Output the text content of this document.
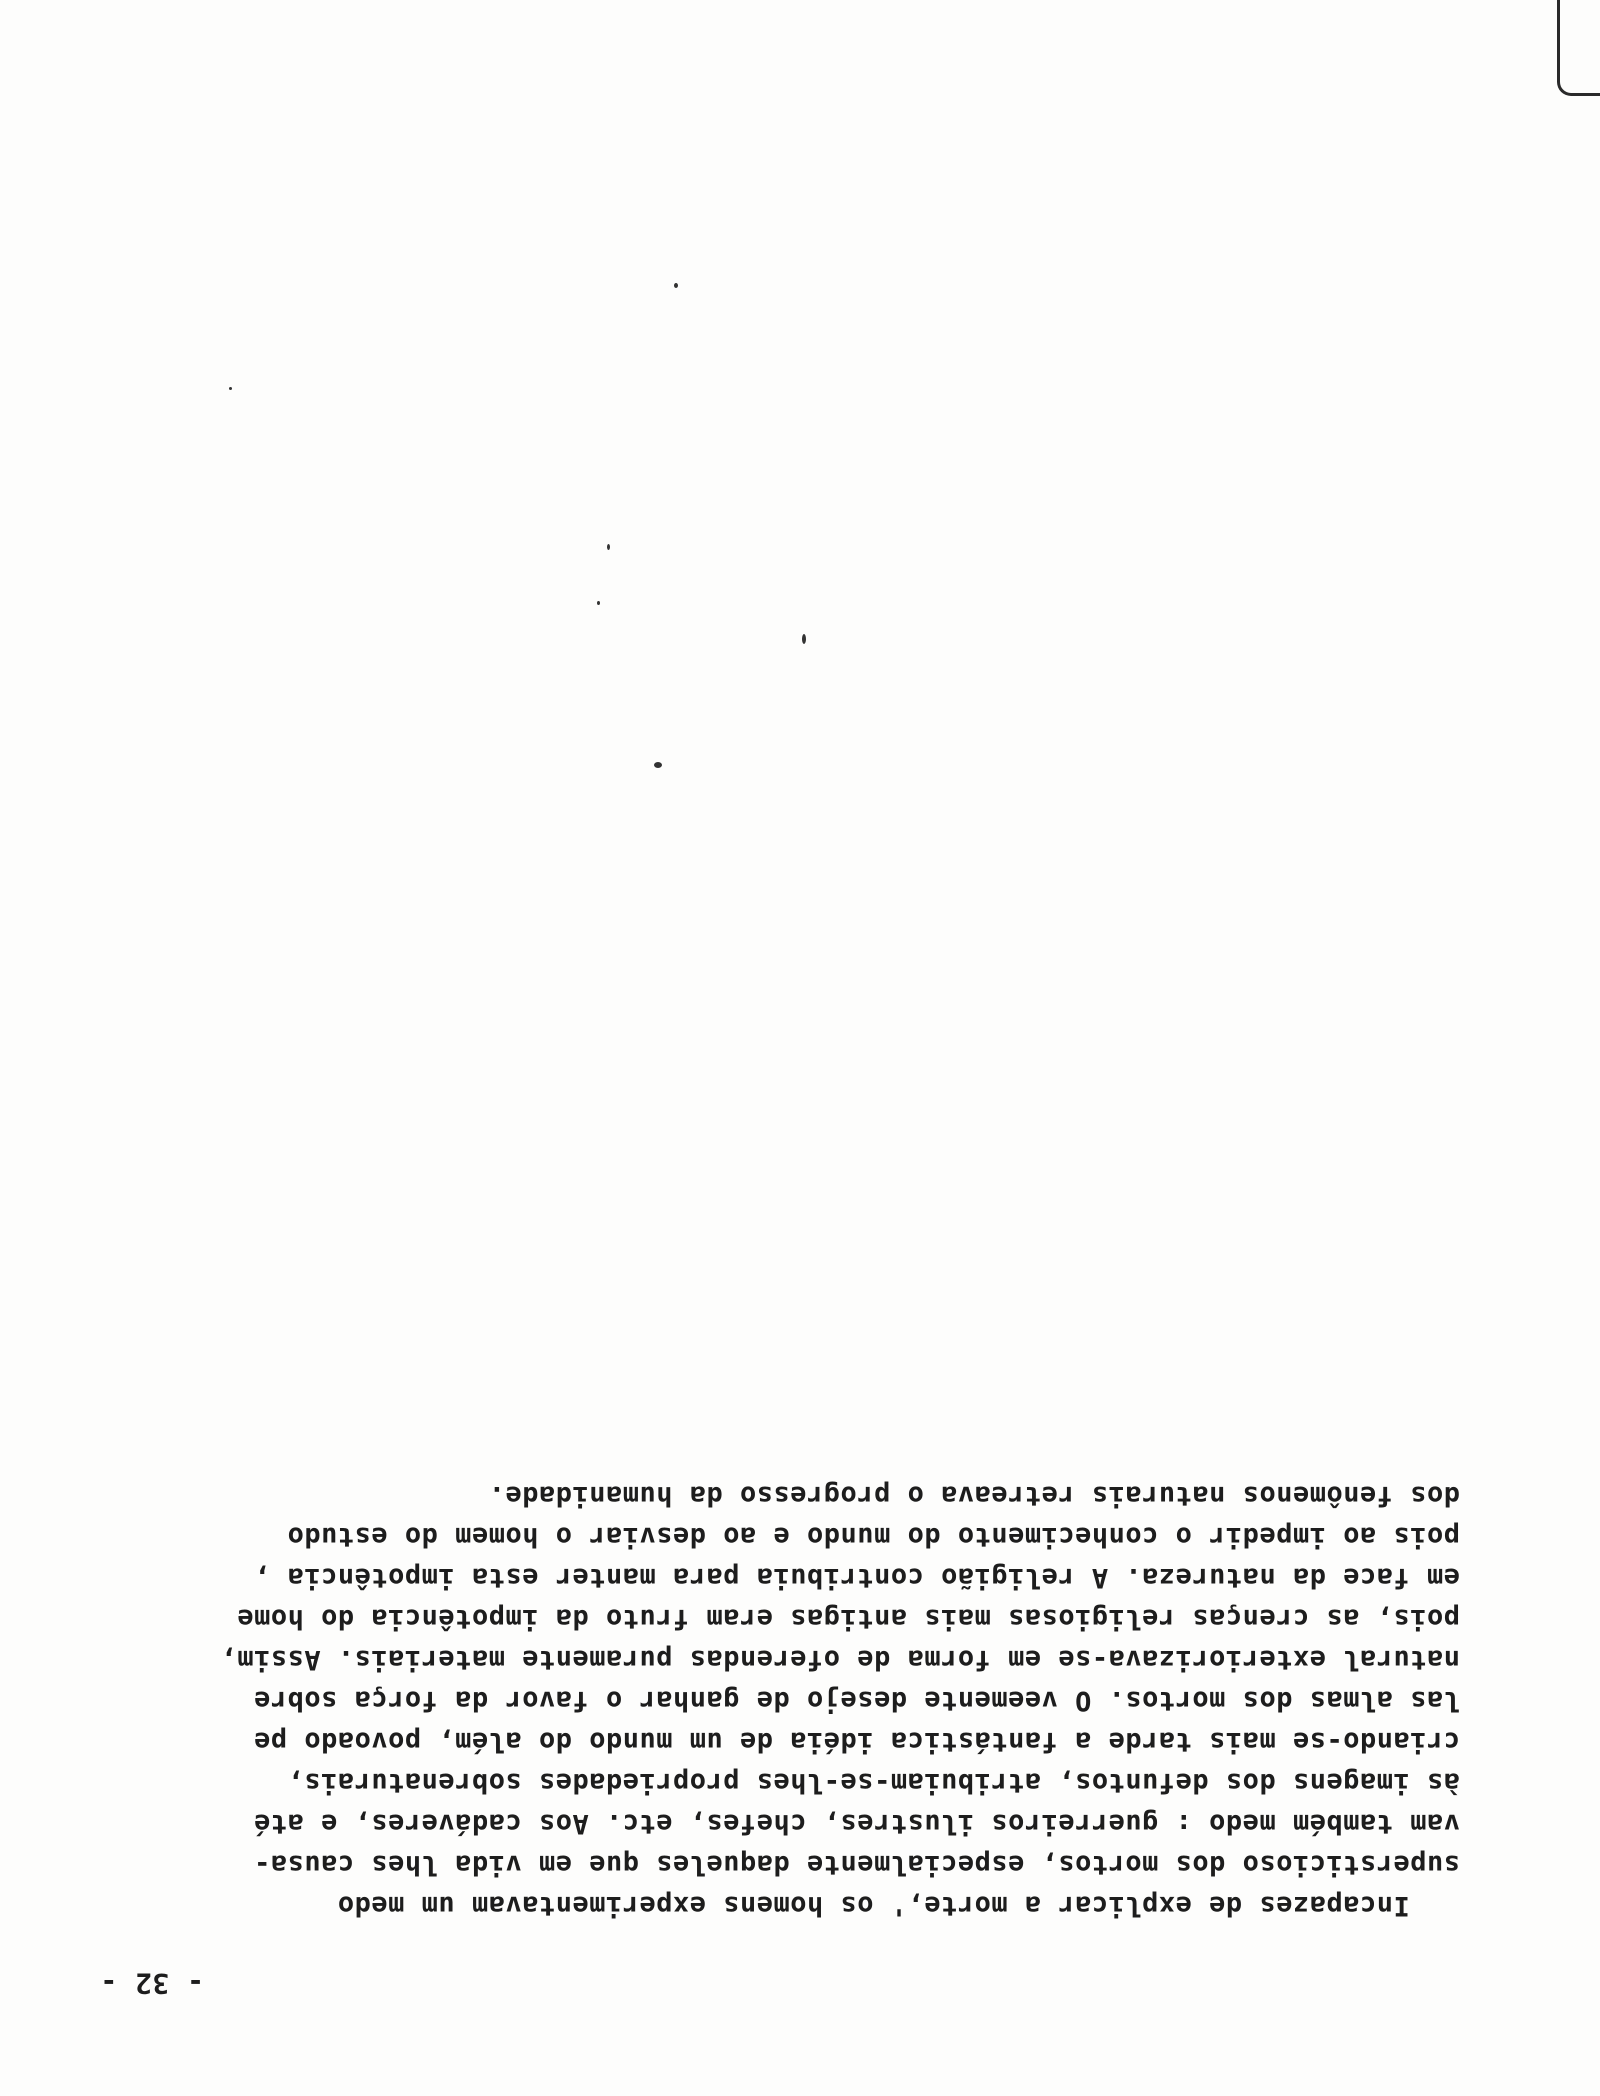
- 32 -
Incapazes de explicar a morte,' os homens experimentavam um medo
supersticioso dos mortos, especialmente daqueles que em vida lhes causa-
vam também medo : guerreiros ilustres, chefes, etc. Aos cadáveres, e até
às imagens dos defuntos, atribuiam-se-lhes propriedades sobrenaturais,
criando-se mais tarde a fantástica idéia de um mundo do além, povoado pe
las almas dos mortos. O veemente desejo de ganhar o favor da força sobre
natural exteriorizava-se em forma de oferendas puramente materiais. Assim,
pois, as crenças religiosas mais antigas eram fruto da impotência do home
em face da natureza. A religião contribuia para manter esta impotência ,
pois ao impedir o conhecimento do mundo e ao desviar o homem do estudo
dos fenômenos naturais retreava o progresso da humanidade.
